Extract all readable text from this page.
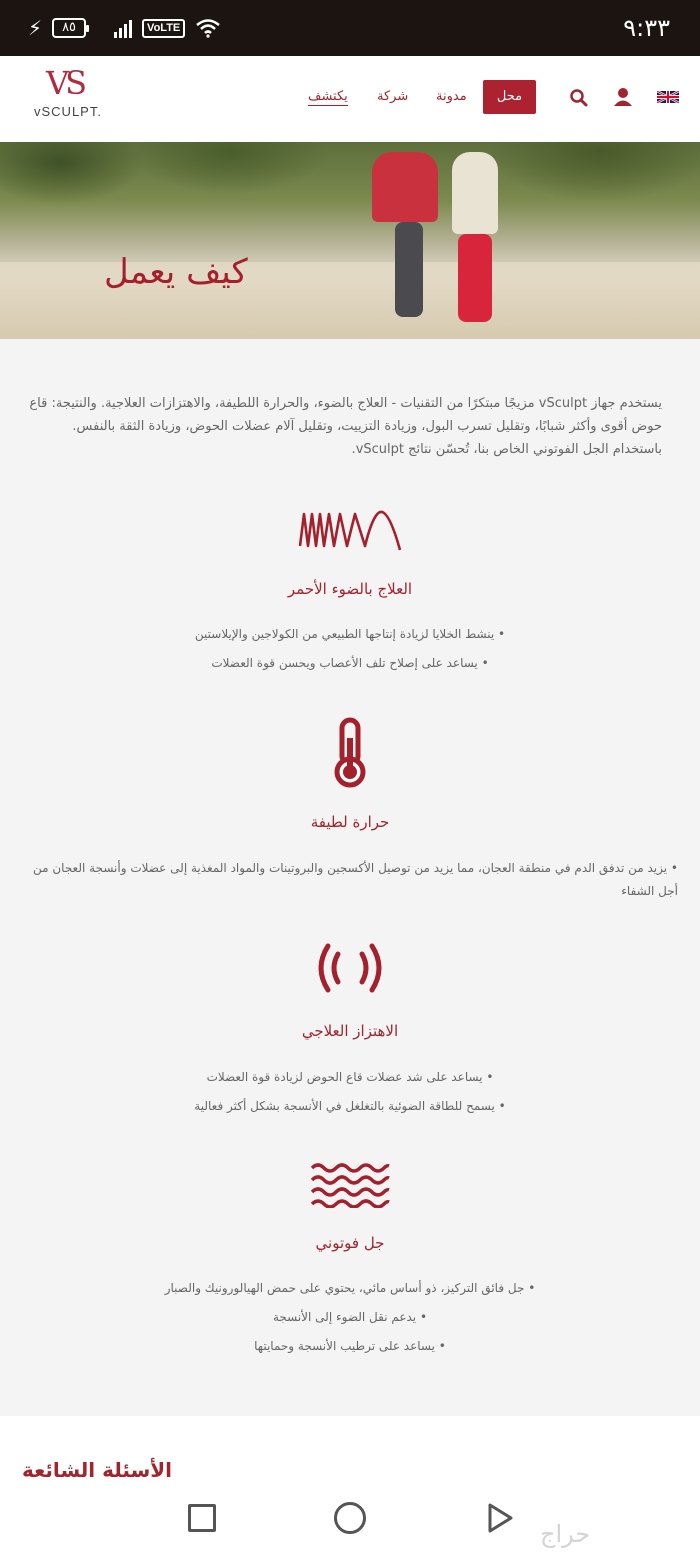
⚡	٨٥	VoLTE	٩:٣٣
VS
vSCULPT.
يكتشف شركة مدونة	محل
كيف يعمل

يستخدم جهاز vSculpt مزيجًا مبتكرًا من التقنيات - العلاج بالضوء، والحرارة اللطيفة، والاهتزازات العلاجية. والنتيجة: قاع حوض أقوى وأكثر شبابًا، وتقليل تسرب البول، وزيادة التزييت، وتقليل آلام عضلات الحوض، وزيادة الثقة بالنفس. باستخدام الجل الفوتوني الخاص بنا، تُحسّن نتائج vSculpt.

العلاج بالضوء الأحمر
• ينشط الخلايا لزيادة إنتاجها الطبيعي من الكولاجين والإيلاستين
• يساعد على إصلاح تلف الأعصاب ويحسن قوة العضلات
حرارة لطيفة
• يزيد من تدفق الدم في منطقة العجان، مما يزيد من توصيل الأكسجين والبروتينات والمواد المغذية إلى عضلات وأنسجة العجان من أجل الشفاء
الاهتزاز العلاجي
• يساعد على شد عضلات قاع الحوض لزيادة قوة العضلات
• يسمح للطاقة الضوئية بالتغلغل في الأنسجة بشكل أكثر فعالية
جل فوتوني
• جل فائق التركيز، ذو أساس مائي، يحتوي على حمض الهيالورونيك والصبار
• يدعم نقل الضوء إلى الأنسجة
• يساعد على ترطيب الأنسجة وحمايتها
الأسئلة الشائعة
حراج
